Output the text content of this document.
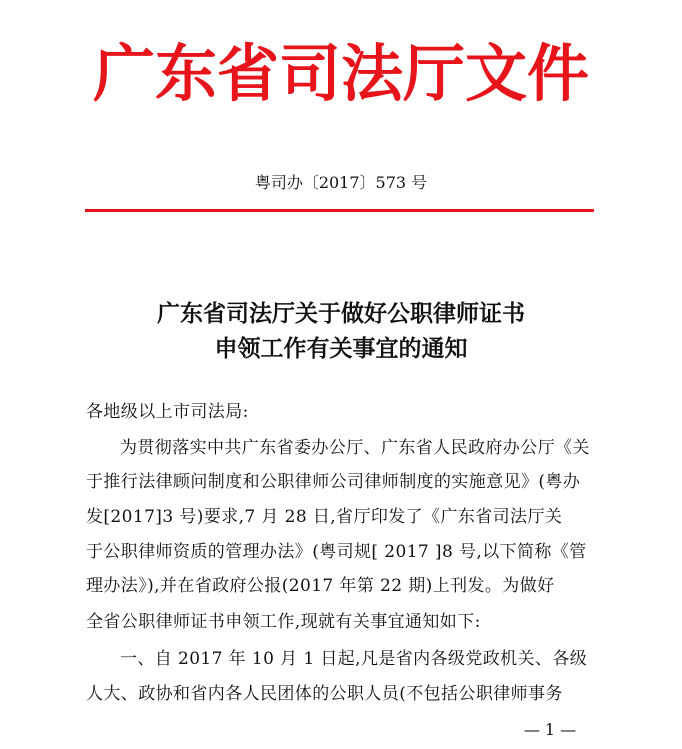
广东省司法厅文件
粤司办〔2017〕573 号
广东省司法厅关于做好公职律师证书
申领工作有关事宜的通知
各地级以上市司法局:
为贯彻落实中共广东省委办公厅、广东省人民政府办公厅《关
于推行法律顾问制度和公职律师公司律师制度的实施意见》(粤办
发[2017]3 号)要求,7 月 28 日,省厅印发了《广东省司法厅关
于公职律师资质的管理办法》(粤司规[ 2017 ]8 号,以下简称《管
理办法》),并在省政府公报(2017 年第 22 期)上刊发。为做好
全省公职律师证书申领工作,现就有关事宜通知如下:
一、自 2017 年 10 月 1 日起,凡是省内各级党政机关、各级
人大、政协和省内各人民团体的公职人员(不包括公职律师事务
— 1 —
